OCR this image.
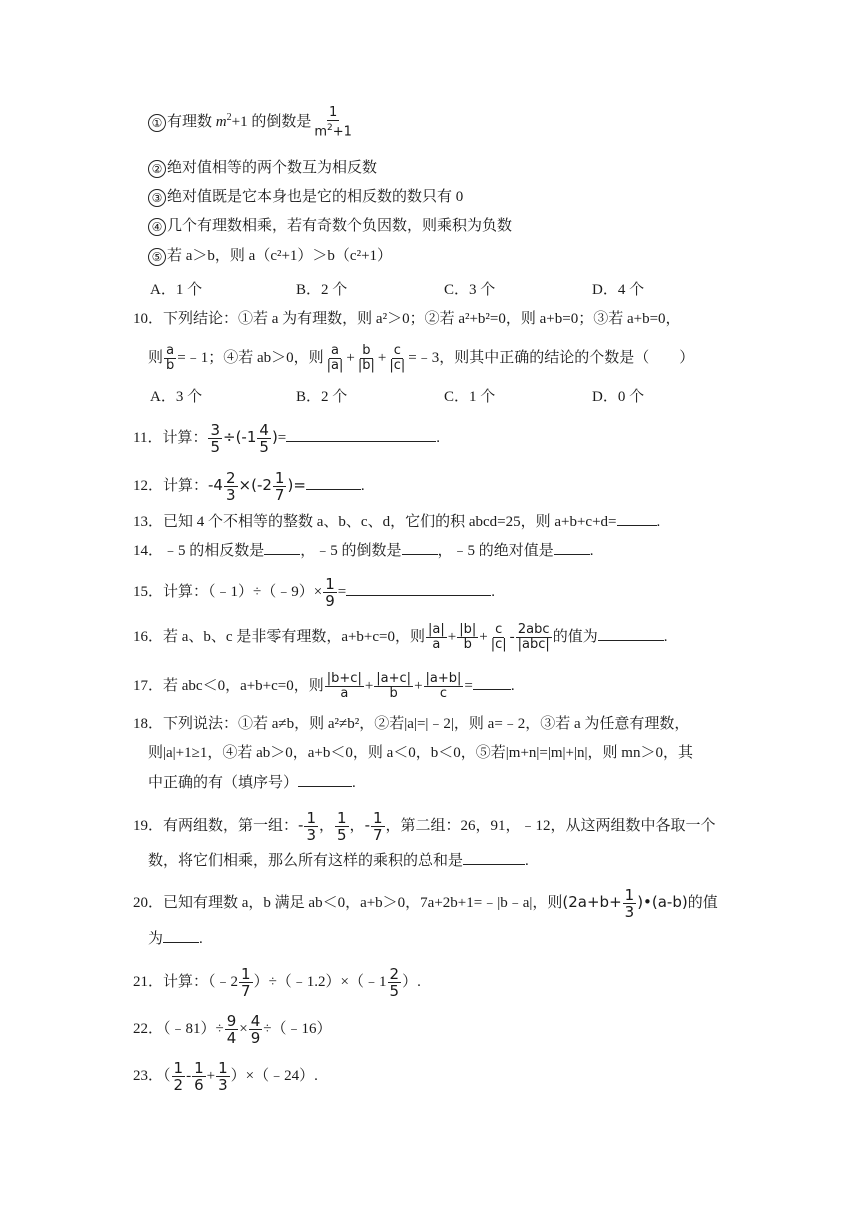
① 有理数 $m^2+1$ 的倒数是 $\frac{1}{m^2+1}$
② 绝对值相等的两个数互为相反数
③ 绝对值既是它本身也是它的相反数的数只有 0
④ 几个有理数相乘，若有奇数个负因数，则乘积为负数
⑤ 若 a＞b，则 a（c²+1）＞b（c²+1）
A．1 个	B．2 个	C．3 个	D．4 个
10．下列结论：①若 a 为有理数，则 a²＞0；②若 a²+b²=0，则 a+b=0；③若 a+b=0，
则 $\frac{a}{b}$ =﹣1；④若 ab＞0，则 $\frac{a}{|a|} + \frac{b}{|b|} + \frac{c}{|c|}$ =﹣3，则其中正确的结论的个数是（　　）
A．3 个	B．2 个	C．1 个	D．0 个
11．计算： $\frac{3}{5} \div(-1 \frac{4}{5}$ )=	.
12．计算：$-4 \frac{2}{3} \times(-2 \frac{1}{7}$ )=	.
13．已知 4 个不相等的整数 a、b、c、d，它们的积 abcd=25，则 a+b+c+d=	.
14．﹣5 的相反数是 ，﹣5 的倒数是 ，﹣5 的绝对值是 .
15．计算：（﹣1）÷（﹣9）× $\frac{1}{9}$ =	.
16．若 a、b、c 是非零有理数，a+b+c=0，则 $\frac{|a|}{a} + \frac{|b|}{b} + \frac{c}{|c|} - \frac{\text{2abc}}{\text{|abc|}}$ 的值为	.
17．若 abc＜0，a+b+c=0，则 $\frac{|b+c|}{a} + \frac{|a+c|}{b} + \frac{|a+b|}{c}$ =	.
18．下列说法：①若 a≠b，则 a²≠b²，②若|a|=|﹣2|，则 a=﹣2，③若 a 为任意有理数，
则|a|+1≥1，④若 ab＞0，a+b＜0，则 a＜0，b＜0，⑤若|m+n|=|m|+|n|，则 mn＞0，其
中正确的有（填序号）	.
19．有两组数，第一组：- $\frac{1}{3}$ ， $\frac{1}{5}$ ，- $\frac{1}{7}$ ，第二组：26，91，﹣12，从这两组数中各取一个
数，将它们相乘，那么所有这样的乘积的总和是	.
20．已知有理数 a，b 满足 ab＜0，a+b＞0，7a+2b+1=﹣|b﹣a|，则($2a+b+ \frac{1}{3}$ )•(a-b)的值
为 .
21．计算：（﹣2 $\frac{1}{7}$ ）÷（﹣1.2）×（﹣1 $\frac{2}{5}$ ）.
22．（﹣81）÷ $\frac{9}{4} \times \frac{4}{9}$ ÷（﹣16）
23．（ $\frac{1}{2} - \frac{1}{6} + \frac{1}{3}$ ）×（﹣24）.
